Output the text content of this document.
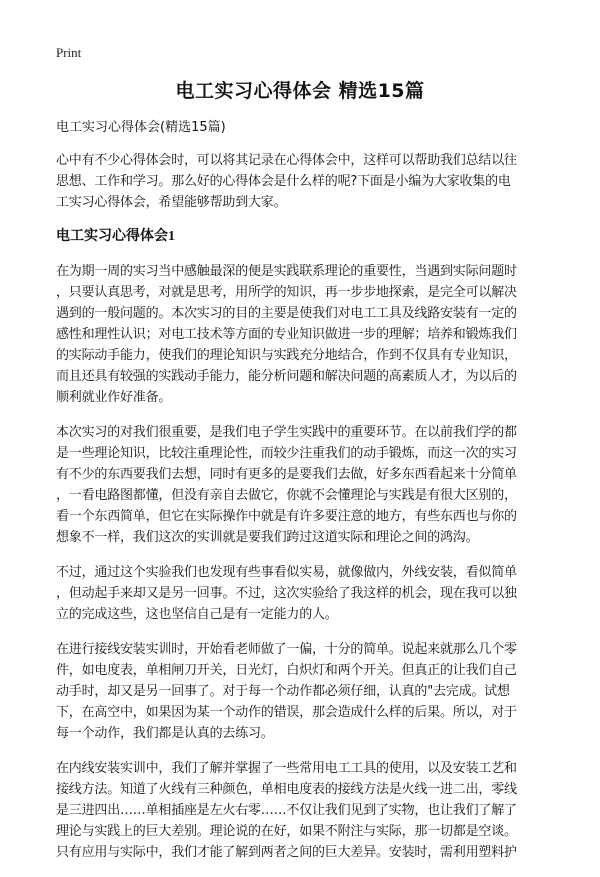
Print
电工实习心得体会 精选15篇

电工实习心得体会(精选15篇)

心中有不少心得体会时，可以将其记录在心得体会中，这样可以帮助我们总结以往
思想、工作和学习。那么好的心得体会是什么样的呢?下面是小编为大家收集的电
工实习心得体会，希望能够帮助到大家。

电工实习心得体会1

在为期一周的实习当中感触最深的便是实践联系理论的重要性，当遇到实际问题时
，只要认真思考，对就是思考，用所学的知识，再一步步地探索，是完全可以解决
遇到的一般问题的。本次实习的目的主要是使我们对电工工具及线路安装有一定的
感性和理性认识；对电工技术等方面的专业知识做进一步的理解；培养和锻炼我们
的实际动手能力，使我们的理论知识与实践充分地结合，作到不仅具有专业知识，
而且还具有较强的实践动手能力，能分析问题和解决问题的高素质人才，为以后的
顺利就业作好准备。

本次实习的对我们很重要，是我们电子学生实践中的重要环节。在以前我们学的都
是一些理论知识，比较注重理论性，而较少注重我们的动手锻炼，而这一次的实习
有不少的东西要我们去想，同时有更多的是要我们去做，好多东西看起来十分简单
，一看电路图都懂，但没有亲自去做它，你就不会懂理论与实践是有很大区别的，
看一个东西简单，但它在实际操作中就是有许多要注意的地方，有些东西也与你的
想象不一样，我们这次的实训就是要我们跨过这道实际和理论之间的鸿沟。

不过，通过这个实验我们也发现有些事看似实易，就像做内，外线安装，看似简单
，但动起手来却又是另一回事。不过，这次实验给了我这样的机会，现在我可以独
立的完成这些，这也坚信自己是有一定能力的人。

在进行接线安装实训时，开始看老师做了一偏，十分的简单。说起来就那么几个零
件，如电度表，单相闸刀开关，日光灯，白炽灯和两个开关。但真正的让我们自己
动手时，却又是另一回事了。对于每一个动作都必须仔细，认真的"去完成。试想
下，在高空中，如果因为某一个动作的错误，那会造成什么样的后果。所以，对于
每一个动作，我们都是认真的去练习。

在内线安装实训中，我们了解并掌握了一些常用电工工具的使用，以及安装工艺和
接线方法。知道了火线有三种颜色，单相电度表的接线方法是火线一进二出，零线
是三进四出……单相插座是左火右零……不仅让我们见到了实物，也让我们了解了
理论与实践上的巨大差别。理论说的在好，如果不附注与实际，那一切都是空谈。
只有应用与实际中，我们才能了解到两者之间的巨大差异。安装时，需利用塑料护
